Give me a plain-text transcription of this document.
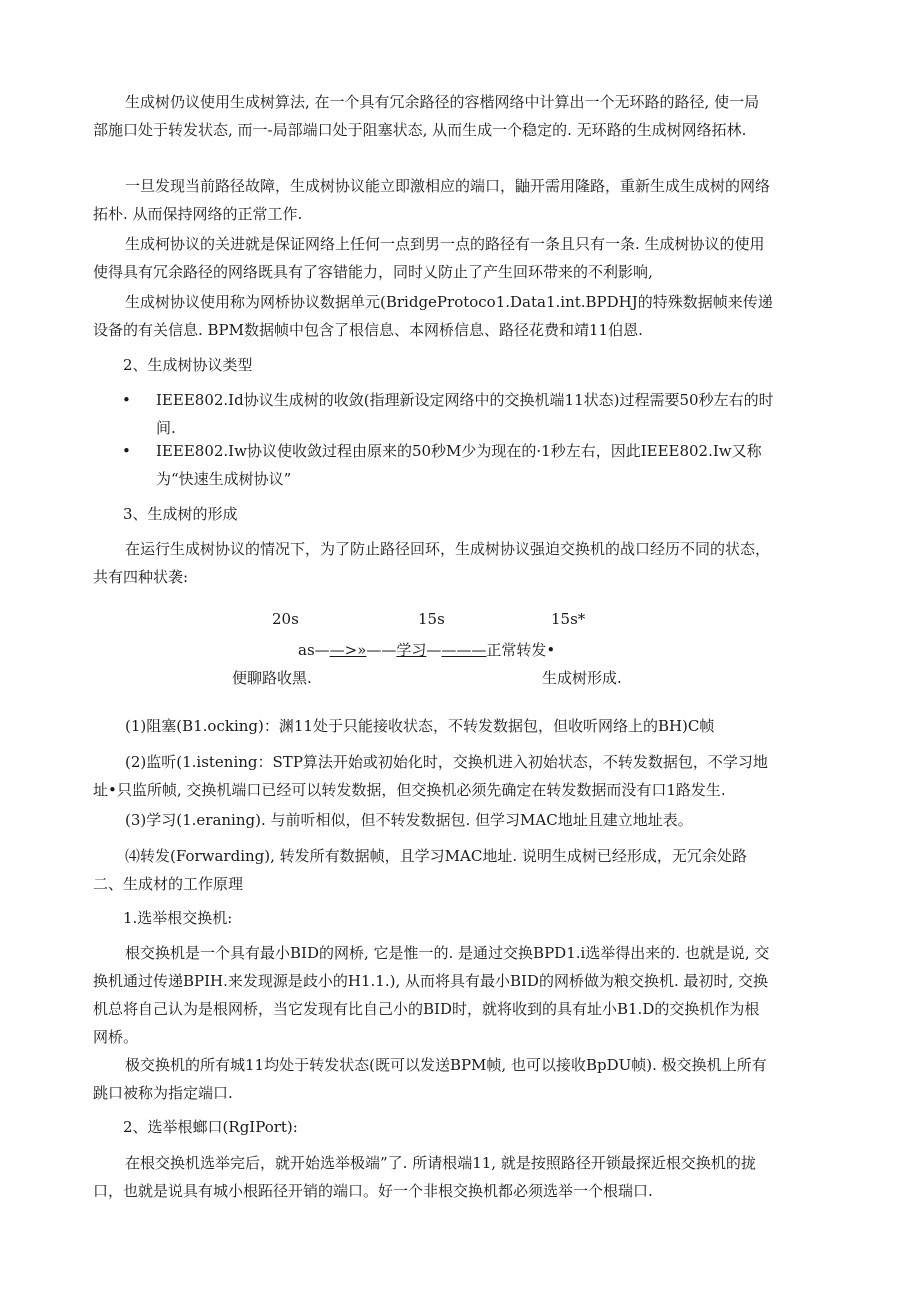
生成树仍议使用生成树算法, 在一个具有冗余路径的容楷网络中计算出一个无环路的路径, 使一局部施口处于转发状态, 而一-局部端口处于阻塞状态, 从而生成一个稳定的. 无环路的生成树网络拓林.

一旦发现当前路径故障，生成树协议能立即激相应的端口，鼬开需用隆路，重新生成生成树的网络拓朴. 从而保持网络的正常工作.

生成柯协议的关进就是保证网络上任何一点到男一点的路径有一条且只有一条. 生成树协议的使用使得具有冗余路径的网络既具有了容错能力，同时乂防止了产生回环带来的不利影响,

生成树协议使用称为网桥协议数据单元(BridgeProtoco1.Data1.int.BPDHJ的特殊数据帧来传递设备的有关信息. BPM数据帧中包含了根信息、本网桥信息、路径花费和靖11伯恩.

2、生成树协议类型

• IEEE802.Id协议生成树的收敛(指理新设定网络中的交换机端11状态)过程需要50秒左右的时间.

• IEEE802.Iw协议使收敛过程由原来的50秒M少为现在的·1秒左右，因此IEEE802.Iw又称为“快速生成树协议”

3、生成树的形成

在运行生成树协议的情况下，为了防止路径回环，生成树协议强迫交换机的战口经历不同的状态，共有四种状袭:

20s	15s	15s*
as——>»——学习————正常转发•
便聊路收黑.	生成树形成.

(1)阻塞(B1.ocking)：渊11处于只能接收状态，不转发数据包，但收听网络上的BH)C帧

(2)监听(1.istening：STP算法开始或初始化时，交换机进入初始状态，不转发数据包，不学习地址•只监所帧, 交换机端口已经可以转发数据，但交换机必须先确定在转发数据而没有口1路发生.

(3)学习(1.eraning). 与前听相似，但不转发数据包. 但学习MAC地址且建立地址表。

⑷转发(Forwarding), 转发所有数据帧，且学习MAC地址. 说明生成树已经形成，无冗余处路二、生成材的工作原理

1.选举根交换机:

根交换机是一个具有最小BID的网桥, 它是惟一的. 是通过交换BPD1.i选举得出来的. 也就是说, 交换机通过传递BPIH.来发现源是歧小的H1.1.), 从而将具有最小BID的网桥做为粮交换机. 最初时, 交换机总将自己认为是根网桥，当它发现有比自己小的BID时，就将收到的具有址小B1.D的交换机作为根网桥。

极交换机的所有城11均处于转发状态(既可以发送BPM帧, 也可以接收BpDU帧). 极交换机上所有跳口被称为指定端口.

2、选举根螂口(RgIPort):

在根交换机选举完后，就开始选举极端”了. 所请根端11, 就是按照路径开锁最探近根交换机的拢口，也就是说具有城小根跖径开销的端口。好一个非根交换机都必须选举一个根瑞口.
